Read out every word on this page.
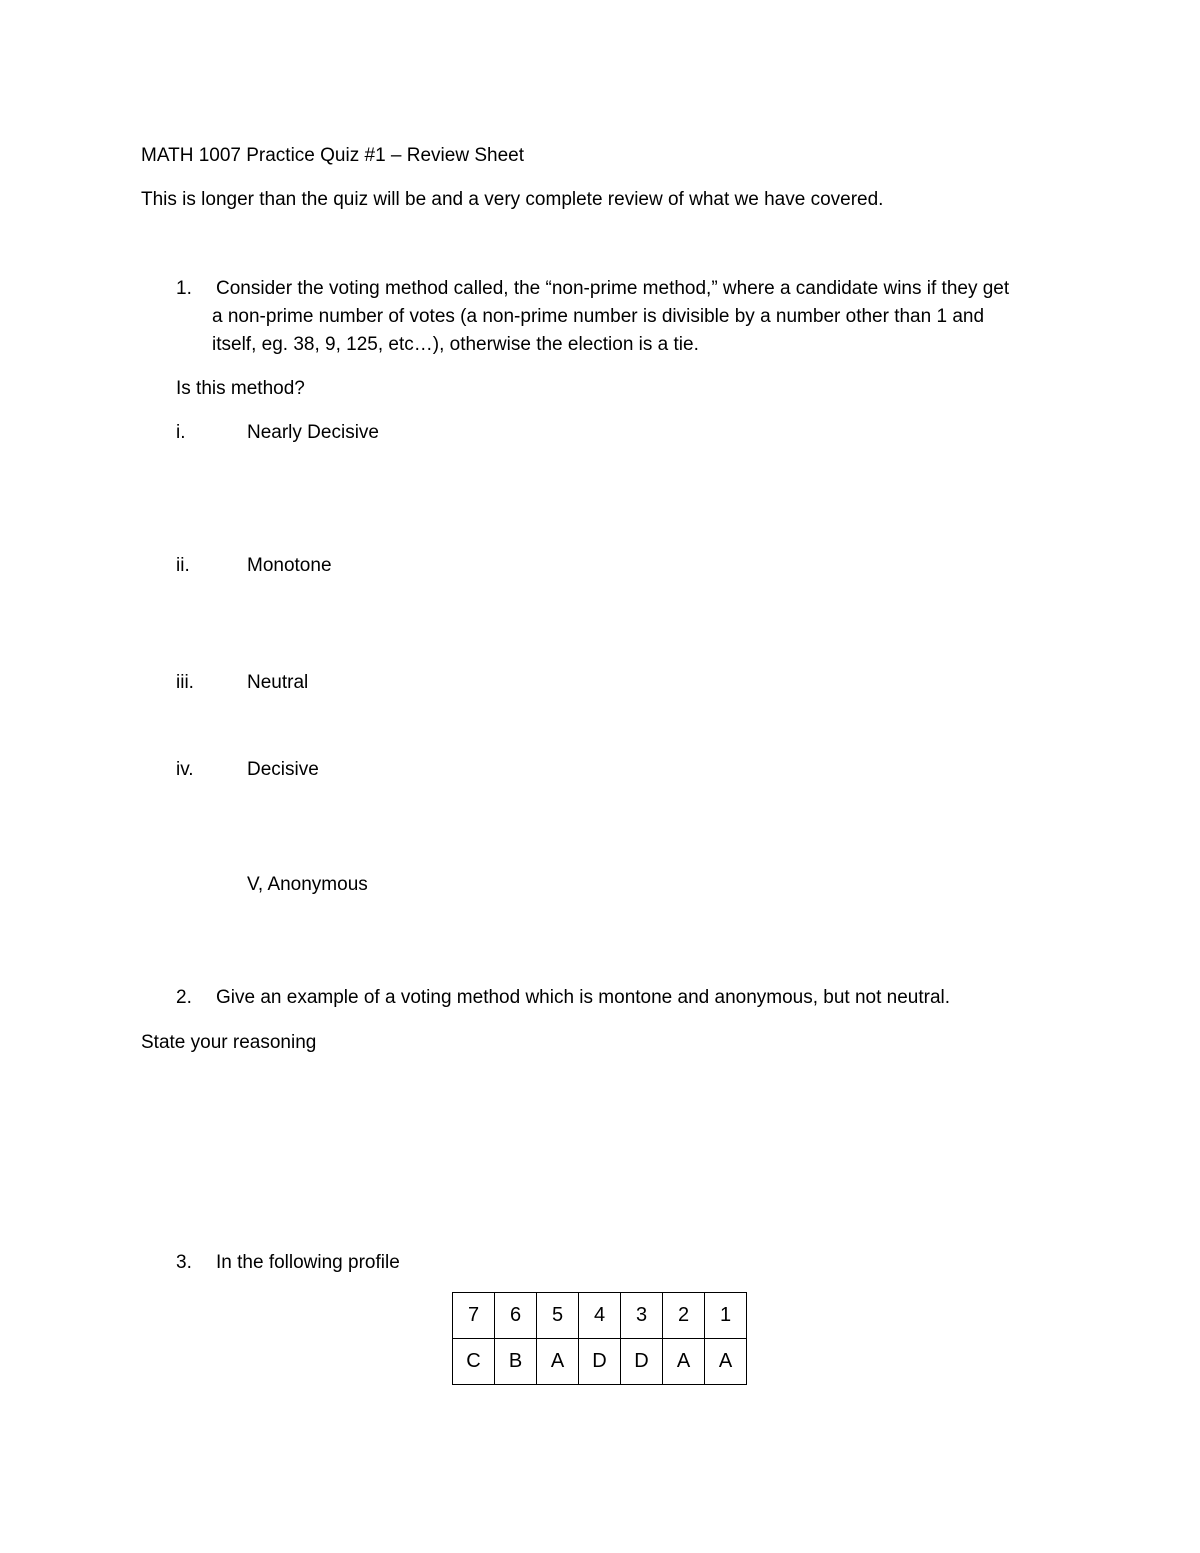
MATH 1007 Practice Quiz #1 – Review Sheet
This is longer than the quiz will be and a very complete review of what we have covered.
1. Consider the voting method called, the “non-prime method,” where a candidate wins if they get
a non-prime number of votes (a non-prime number is divisible by a number other than 1 and
itself, eg. 38, 9, 125, etc…), otherwise the election is a tie.
Is this method?
i.	Nearly Decisive
ii.	Monotone
iii.	Neutral
iv.	Decisive
V, Anonymous
2. Give an example of a voting method which is montone and anonymous, but not neutral.
State your reasoning
3. In the following profile
7	6	5	4	3	2	1
C	B	A	D	D	A	A
